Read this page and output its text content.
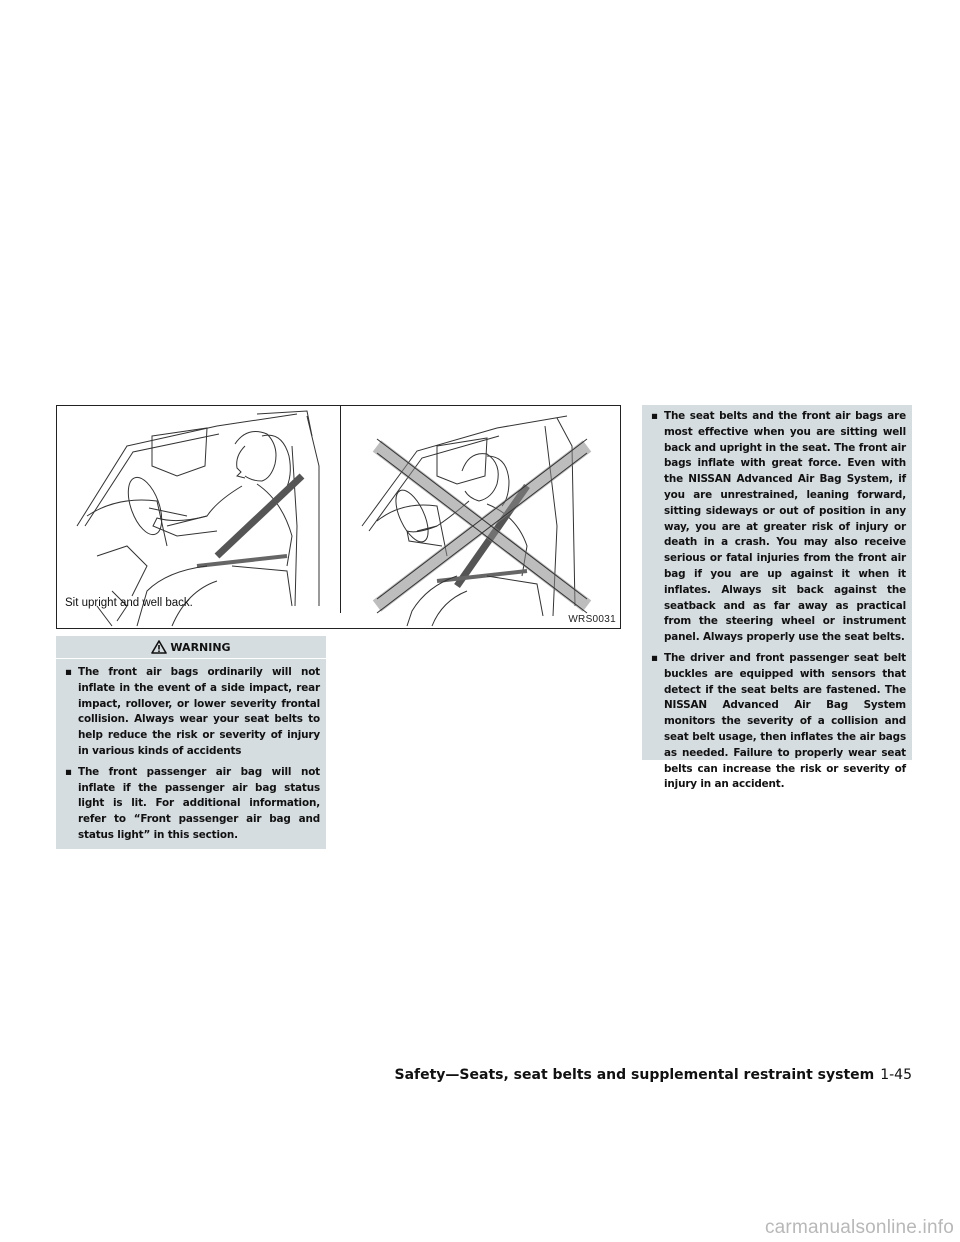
Sit upright and well back.
WRS0031
WARNING
▪ The front air bags ordinarily will not inflate in the event of a side impact, rear impact, rollover, or lower severity frontal collision. Always wear your seat belts to help reduce the risk or severity of injury in various kinds of accidents
▪ The front passenger air bag will not inflate if the passenger air bag status light is lit. For additional information, refer to “Front passenger air bag and status light” in this section.
▪ The seat belts and the front air bags are most effective when you are sitting well back and upright in the seat. The front air bags inflate with great force. Even with the NISSAN Advanced Air Bag System, if you are unrestrained, leaning forward, sitting sideways or out of position in any way, you are at greater risk of injury or death in a crash. You may also receive serious or fatal injuries from the front air bag if you are up against it when it inflates. Always sit back against the seatback and as far away as practical from the steering wheel or instrument panel. Always properly use the seat belts.
▪ The driver and front passenger seat belt buckles are equipped with sensors that detect if the seat belts are fastened. The NISSAN Advanced Air Bag System monitors the severity of a collision and seat belt usage, then inflates the air bags as needed. Failure to properly wear seat belts can increase the risk or severity of injury in an accident.
Safety—Seats, seat belts and supplemental restraint system 1-45
carmanualsonline.info
